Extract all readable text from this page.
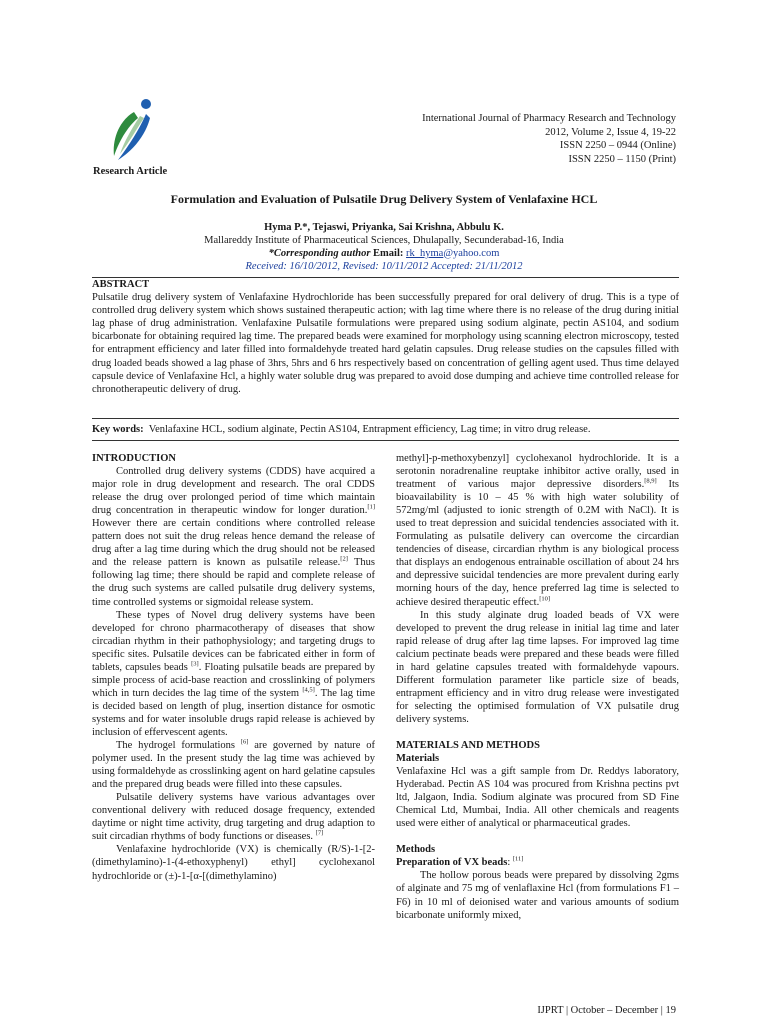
Research Article
International Journal of Pharmacy Research and Technology
2012, Volume 2, Issue 4, 19-22
ISSN 2250 – 0944 (Online)
ISSN 2250 – 1150 (Print)
Formulation and Evaluation of Pulsatile Drug Delivery System of Venlafaxine HCL
Hyma P.*, Tejaswi, Priyanka, Sai Krishna, Abbulu K.
Mallareddy Institute of Pharmaceutical Sciences, Dhulapally, Secunderabad-16, India
*Corresponding author Email: rk_hyma@yahoo.com
Received: 16/10/2012, Revised: 10/11/2012 Accepted: 21/11/2012
ABSTRACT

Pulsatile drug delivery system of Venlafaxine Hydrochloride has been successfully prepared for oral delivery of drug. This is a type of controlled drug delivery system which shows sustained therapeutic action; with lag time where there is no release of the drug during initial lag phase of drug administration. Venlafaxine Pulsatile formulations were prepared using sodium alginate, pectin AS104, and sodium bicarbonate for obtaining required lag time. The prepared beads were examined for morphology using scanning electron microscopy, tested for entrapment efficiency and later filled into formaldehyde treated hard gelatin capsules. Drug release studies on the capsules filled with drug loaded beads showed a lag phase of 3hrs, 5hrs and 6 hrs respectively based on concentration of gelling agent used. Thus time delayed capsule device of Venlafaxine Hcl, a highly water soluble drug was prepared to avoid dose dumping and achieve time controlled release for chronotherapeutic delivery of drug.

Key words: Venlafaxine HCL, sodium alginate, Pectin AS104, Entrapment efficiency, Lag time; in vitro drug release.

INTRODUCTION

Controlled drug delivery systems (CDDS) have acquired a major role in drug development and research. The oral CDDS release the drug over prolonged period of time which maintain drug concentration in therapeutic window for longer duration.[1] However there are certain conditions where controlled release pattern does not suit the drug releas hence demand the release of drug after a lag time during which the drug should not be released and the release pattern is known as pulsatile release.[2] Thus following lag time; there should be rapid and complete release of the drug such systems are called pulsatile drug delivery systems, time controlled systems or sigmoidal release system.

These types of Novel drug delivery systems have been developed for chrono pharmacotherapy of diseases that show circadian rhythm in their pathophysiology; and targeting drugs to specific sites. Pulsatile devices can be fabricated either in form of tablets, capsules beads [3]. Floating pulsatile beads are prepared by simple process of acid-base reaction and crosslinking of polymers which in turn decides the lag time of the system [4,5]. The lag time is decided based on length of plug, insertion distance for osmotic systems and for water insoluble drugs rapid release is achieved by inclusion of effervescent agents.

The hydrogel formulations [6] are governed by nature of polymer used. In the present study the lag time was achieved by using formaldehyde as crosslinking agent on hard gelatine capsules and the prepared drug beads were filled into these capsules.

Pulsatile delivery systems have various advantages over conventional delivery with reduced dosage frequency, extended daytime or night time activity, drug targeting and drug adaption to suit circadian rhythms of body functions or diseases. [7]

Venlafaxine hydrochloride (VX) is chemically (R/S)-1-[2-(dimethylamino)-1-(4-ethoxyphenyl) ethyl] cyclohexanol hydrochloride or (±)-1-[α-[(dimethylamino)

methyl]-p-methoxybenzyl] cyclohexanol hydrochloride. It is a serotonin noradrenaline reuptake inhibitor active orally, used in treatment of various major depressive disorders.[8,9] Its bioavailability is 10 – 45 % with high water solubility of 572mg/ml (adjusted to ionic strength of 0.2M with NaCl). It is used to treat depression and suicidal tendencies associated with it. Formulating as pulsatile delivery can overcome the circardian tendencies of disease, circardian rhythm is any biological process that displays an endogenous entrainable oscillation of about 24 hrs and depressive suicidal tendencies are more prevalent during early morning hours of the day, hence preferred lag time is selected to achieve desired therapeutic effect.[10]

In this study alginate drug loaded beads of VX were developed to prevent the drug release in initial lag time and later rapid release of drug after lag time lapses. For improved lag time calcium pectinate beads were prepared and these beads were filled in hard gelatine capsules treated with formaldehyde vapours. Different formulation parameter like particle size of beads, entrapment efficiency and in vitro drug release were investigated for selecting the optimised formulation of VX pulsatile drug delivery systems.

MATERIALS AND METHODS

Materials

Venlafaxine Hcl was a gift sample from Dr. Reddys laboratory, Hyderabad. Pectin AS 104 was procured from Krishna pectins pvt ltd, Jalgaon, India. Sodium alginate was procured from SD Fine Chemical Ltd, Mumbai, India. All other chemicals and reagents used were either of analytical or pharmaceutical grades.

Methods

Preparation of VX beads: [11]

The hollow porous beads were prepared by dissolving 2gms of alginate and 75 mg of venlaflaxine Hcl (from formulations F1 – F6) in 10 ml of deionised water and various amounts of sodium bicarbonate uniformly mixed,

IJPRT | October – December | 19
